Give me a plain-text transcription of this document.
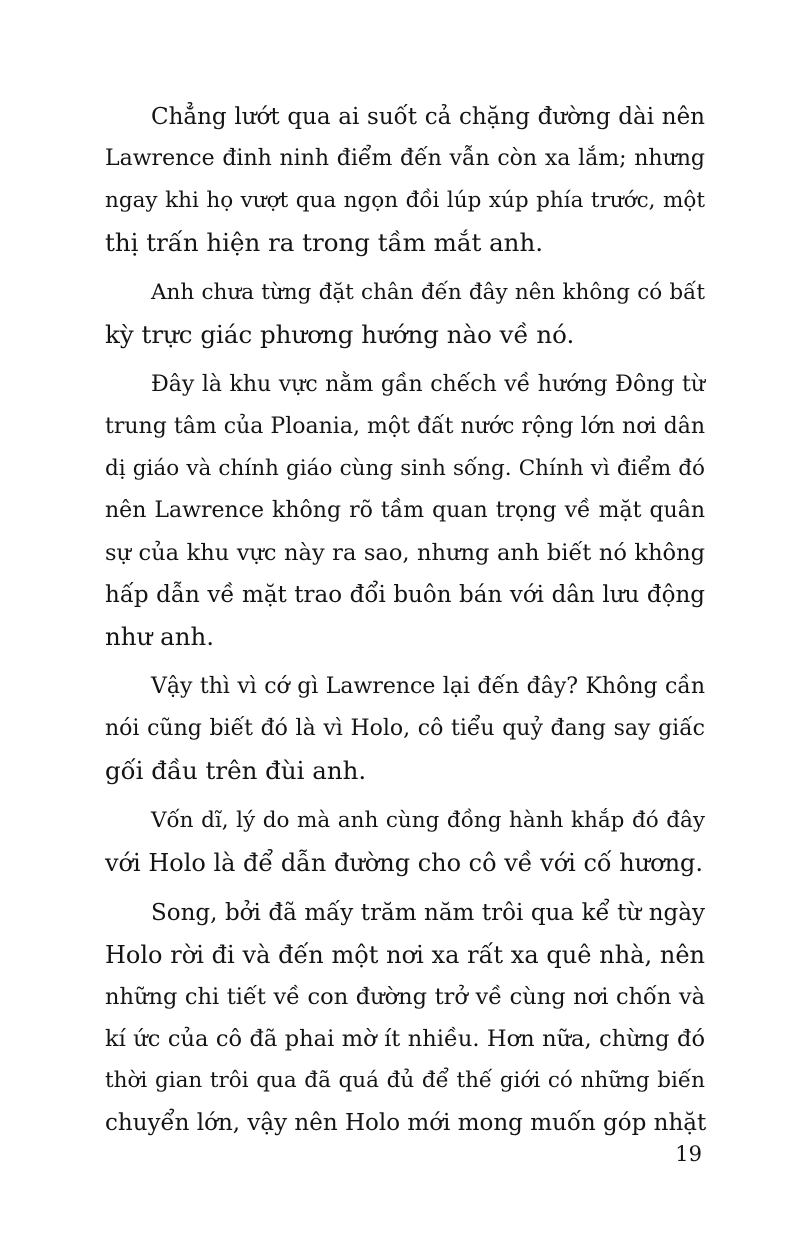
Chẳng lướt qua ai suốt cả chặng đường dài nên
Lawrence đinh ninh điểm đến vẫn còn xa lắm; nhưng
ngay khi họ vượt qua ngọn đồi lúp xúp phía trước, một
thị trấn hiện ra trong tầm mắt anh.
Anh chưa từng đặt chân đến đây nên không có bất
kỳ trực giác phương hướng nào về nó.
Đây là khu vực nằm gần chếch về hướng Đông từ
trung tâm của Ploania, một đất nước rộng lớn nơi dân
dị giáo và chính giáo cùng sinh sống. Chính vì điểm đó
nên Lawrence không rõ tầm quan trọng về mặt quân
sự của khu vực này ra sao, nhưng anh biết nó không
hấp dẫn về mặt trao đổi buôn bán với dân lưu động
như anh.
Vậy thì vì cớ gì Lawrence lại đến đây? Không cần
nói cũng biết đó là vì Holo, cô tiểu quỷ đang say giấc
gối đầu trên đùi anh.
Vốn dĩ, lý do mà anh cùng đồng hành khắp đó đây
với Holo là để dẫn đường cho cô về với cố hương.
Song, bởi đã mấy trăm năm trôi qua kể từ ngày
Holo rời đi và đến một nơi xa rất xa quê nhà, nên
những chi tiết về con đường trở về cùng nơi chốn và
kí ức của cô đã phai mờ ít nhiều. Hơn nữa, chừng đó
thời gian trôi qua đã quá đủ để thế giới có những biến
chuyển lớn, vậy nên Holo mới mong muốn góp nhặt
19
